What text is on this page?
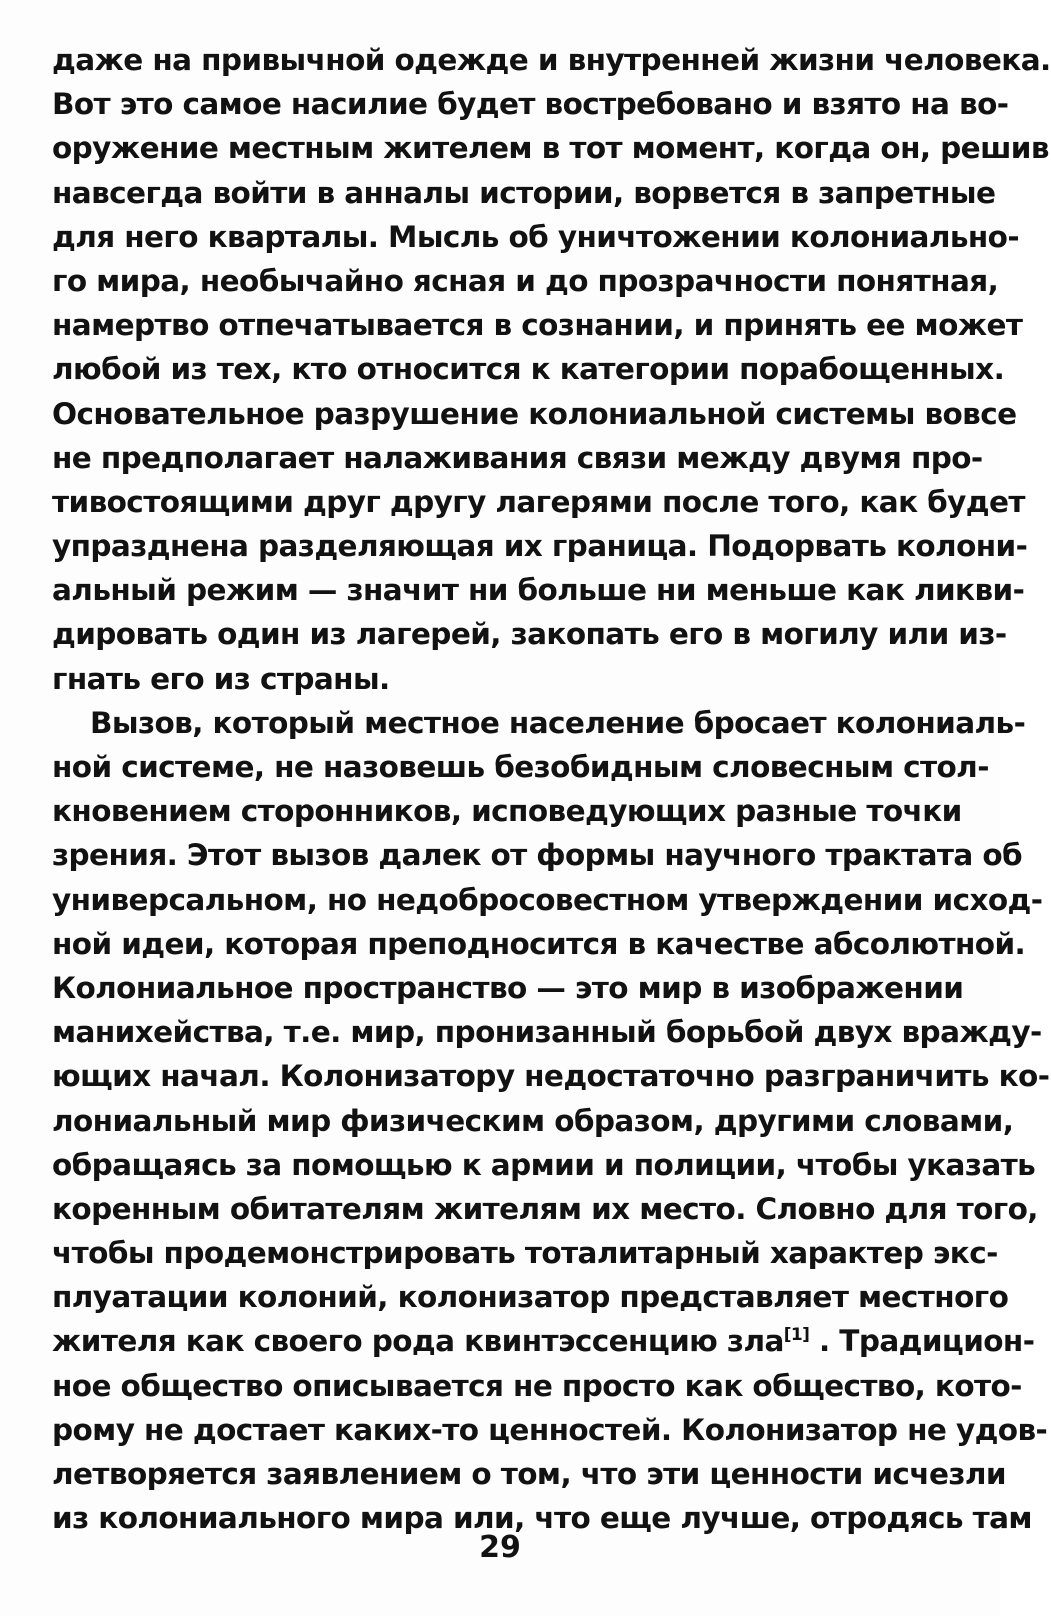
даже на привычной одежде и внутренней жизни человека.
Вот это самое насилие будет востребовано и взято на во-
оружение местным жителем в тот момент, когда он, решив
навсегда войти в анналы истории, ворвется в запретные
для него кварталы. Мысль об уничтожении колониально-
го мира, необычайно ясная и до прозрачности понятная,
намертво отпечатывается в сознании, и принять ее может
любой из тех, кто относится к категории порабощенных.
Основательное разрушение колониальной системы вовсе
не предполагает налаживания связи между двумя про-
тивостоящими друг другу лагерями после того, как будет
упразднена разделяющая их граница. Подорвать колони-
альный режим — значит ни больше ни меньше как ликви-
дировать один из лагерей, закопать его в могилу или из-
гнать его из страны.
Вызов, который местное население бросает колониаль-
ной системе, не назовешь безобидным словесным стол-
кновением сторонников, исповедующих разные точки
зрения. Этот вызов далек от формы научного трактата об
универсальном, но недобросовестном утверждении исход-
ной идеи, которая преподносится в качестве абсолютной.
Колониальное пространство — это мир в изображении
манихейства, т.е. мир, пронизанный борьбой двух вражду-
ющих начал. Колонизатору недостаточно разграничить ко-
лониальный мир физическим образом, другими словами,
обращаясь за помощью к армии и полиции, чтобы указать
коренным обитателям жителям их место. Словно для того,
чтобы продемонстрировать тоталитарный характер экс-
плуатации колоний, колонизатор представляет местного
жителя как своего рода квинтэссенцию зла[1] . Традицион-
ное общество описывается не просто как общество, кото-
рому не достает каких-то ценностей. Колонизатор не удов-
летворяется заявлением о том, что эти ценности исчезли
из колониального мира или, что еще лучше, отродясь там
29
